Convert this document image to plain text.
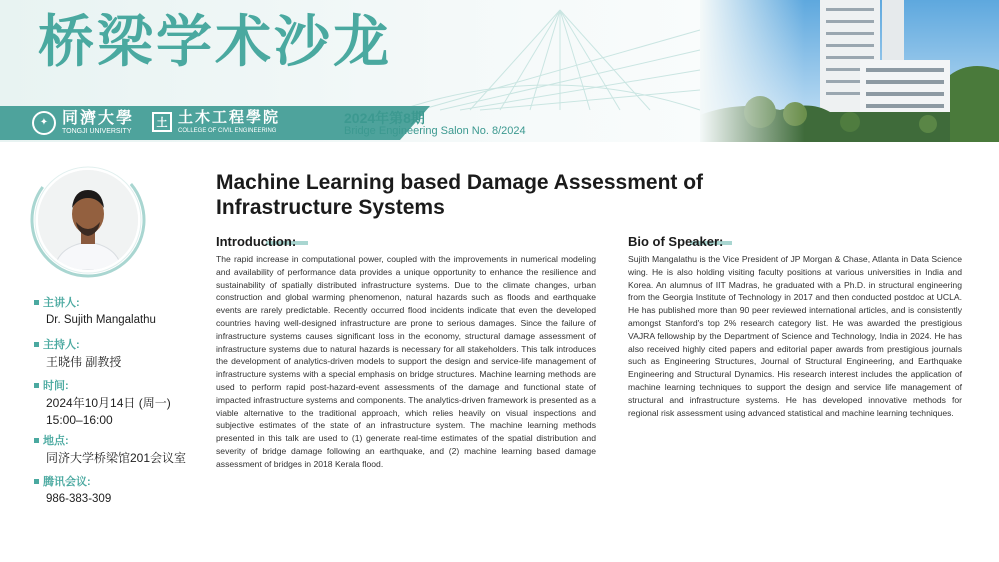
桥梁学术沙龙
✦ 同濟大學
TONGJI UNIVERSITY
土 土木工程學院
COLLEGE OF CIVIL ENGINEERING
2024年第8期
Bridge Engineering Salon No. 8/2024
主讲人:
Dr. Sujith Mangalathu
主持人:
王晓伟 副教授
时间:
2024年10月14日 (周一)
15:00–16:00
地点:
同济大学桥梁馆201会议室
腾讯会议:
986-383-309
Machine Learning based Damage Assessment of Infrastructure Systems
Introduction:
The rapid increase in computational power, coupled with the improvements in numerical modeling and availability of performance data provides a unique opportunity to enhance the resilience and sustainability of spatially distributed infrastructure systems. Due to the climate changes, urban construction and global warming phenomenon, natural hazards such as floods and earthquake events are rarely predictable. Recently occurred flood incidents indicate that even the developed countries having well-designed infrastructure are prone to serious damages. Since the failure of infrastructure systems causes significant loss in the economy, structural damage assessment of infrastructure systems due to natural hazards is necessary for all stakeholders. This talk introduces the development of analytics-driven models to support the design and service-life management of infrastructure systems with a special emphasis on bridge structures. Machine learning methods are used to perform rapid post-hazard-event assessments of the damage and functional state of impacted infrastructure systems and components. The analytics-driven framework is presented as a viable alternative to the traditional approach, which relies heavily on visual inspections and subjective estimates of the state of an infrastructure system. The machine learning methods presented in this talk are used to (1) generate real-time estimates of the spatial distribution and severity of bridge damage following an earthquake, and (2) machine learning based damage assessment of bridges in 2018 Kerala flood.
Bio of Speaker:
Sujith Mangalathu is the Vice President of JP Morgan & Chase, Atlanta in Data Science wing. He is also holding visiting faculty positions at various universities in India and Korea. An alumnus of IIT Madras, he graduated with a Ph.D. in structural engineering from the Georgia Institute of Technology in 2017 and then conducted postdoc at UCLA. He has published more than 90 peer reviewed international articles, and is consistently amongst Stanford's top 2% research category list. He was awarded the prestigious VAJRA fellowship by the Department of Science and Technology, India in 2024. He has also received highly cited papers and editorial paper awards from prestigious journals such as Engineering Structures, Journal of Structural Engineering, and Earthquake Engineering and Structural Dynamics. His research interest includes the application of machine learning techniques to support the design and service life management of structural and infrastructure systems. He has developed innovative methods for regional risk assessment using advanced statistical and machine learning techniques.
